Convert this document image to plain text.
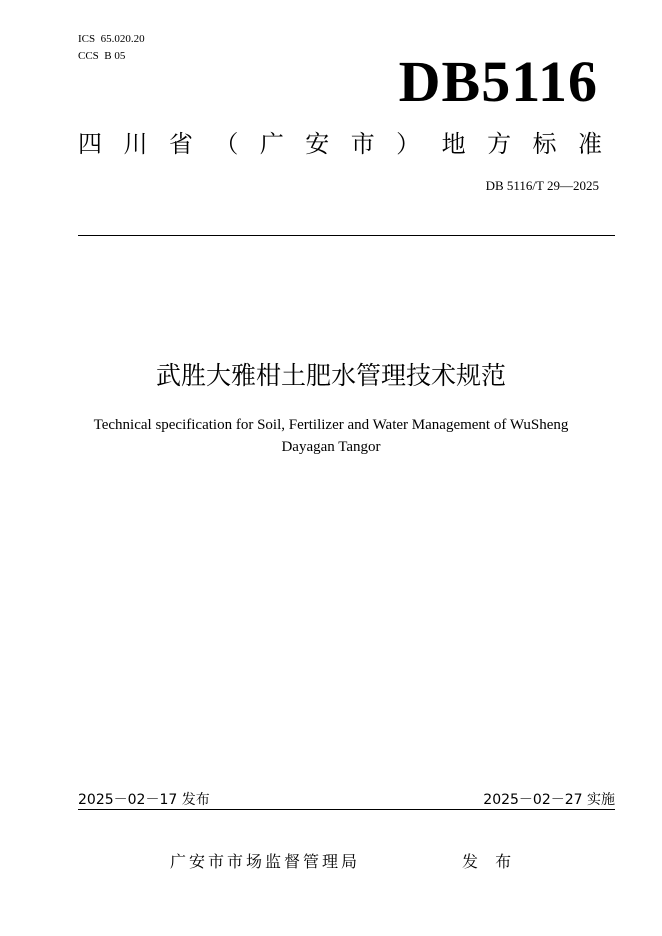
ICS  65.020.20
CCS  B 05	DB5116
四 川 省 （ 广 安 市 ） 地 方 标 准
DB 5116/T 29—2025
武胜大雅柑土肥水管理技术规范
Technical specification for Soil, Fertilizer and Water Management of WuSheng Dayagan Tangor
2025－02－17 发布	2025－02－27 实施
广安市市场监督管理局	发 布
